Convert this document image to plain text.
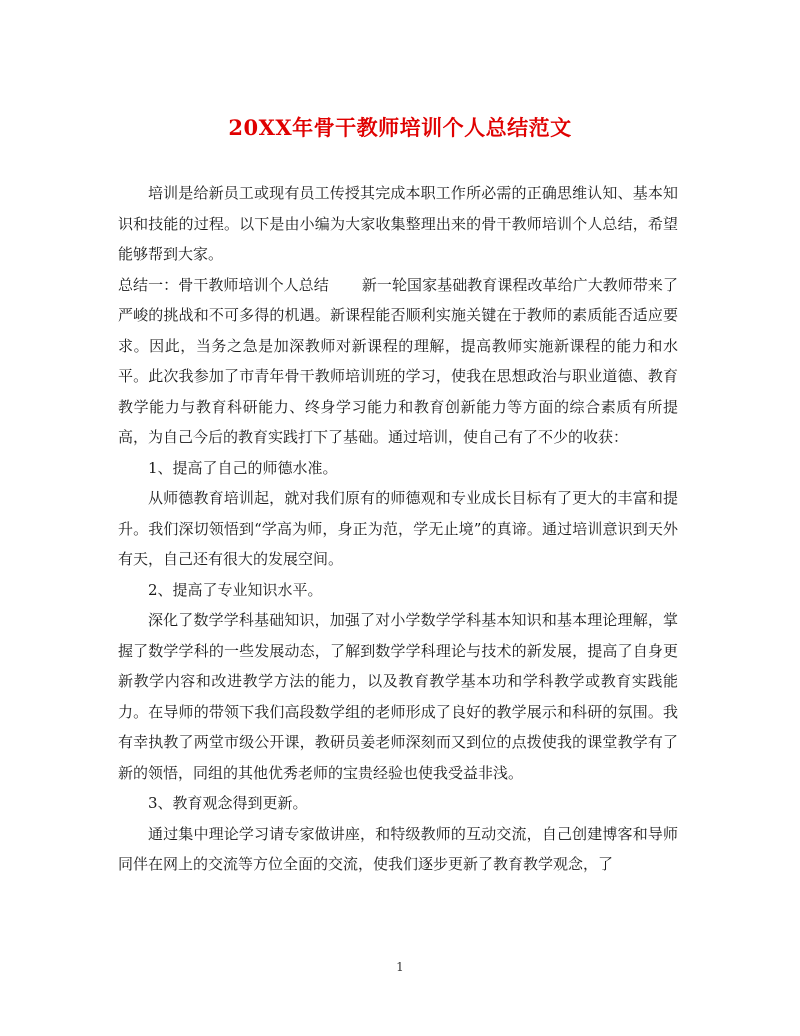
20XX年骨干教师培训个人总结范文

培训是给新员工或现有员工传授其完成本职工作所必需的正确思维认知、基本知识和技能的过程。以下是由小编为大家收集整理出来的骨干教师培训个人总结，希望能够帮到大家。

总结一：骨干教师培训个人总结 新一轮国家基础教育课程改革给广大教师带来了严峻的挑战和不可多得的机遇。新课程能否顺利实施关键在于教师的素质能否适应要求。因此，当务之急是加深教师对新课程的理解，提高教师实施新课程的能力和水平。此次我参加了市青年骨干教师培训班的学习，使我在思想政治与职业道德、教育教学能力与教育科研能力、终身学习能力和教育创新能力等方面的综合素质有所提高，为自己今后的教育实践打下了基础。通过培训，使自己有了不少的收获：

1、提高了自己的师德水准。

从师德教育培训起，就对我们原有的师德观和专业成长目标有了更大的丰富和提升。我们深切领悟到“学高为师，身正为范，学无止境”的真谛。通过培训意识到天外有天，自己还有很大的发展空间。

2、提高了专业知识水平。

深化了数学学科基础知识，加强了对小学数学学科基本知识和基本理论理解，掌握了数学学科的一些发展动态，了解到数学学科理论与技术的新发展，提高了自身更新教学内容和改进教学方法的能力，以及教育教学基本功和学科教学或教育实践能力。在导师的带领下我们高段数学组的老师形成了良好的教学展示和科研的氛围。我有幸执教了两堂市级公开课，教研员姜老师深刻而又到位的点拨使我的课堂教学有了新的领悟，同组的其他优秀老师的宝贵经验也使我受益非浅。

3、教育观念得到更新。

通过集中理论学习请专家做讲座，和特级教师的互动交流，自己创建博客和导师同伴在网上的交流等方位全面的交流，使我们逐步更新了教育教学观念，了

1
